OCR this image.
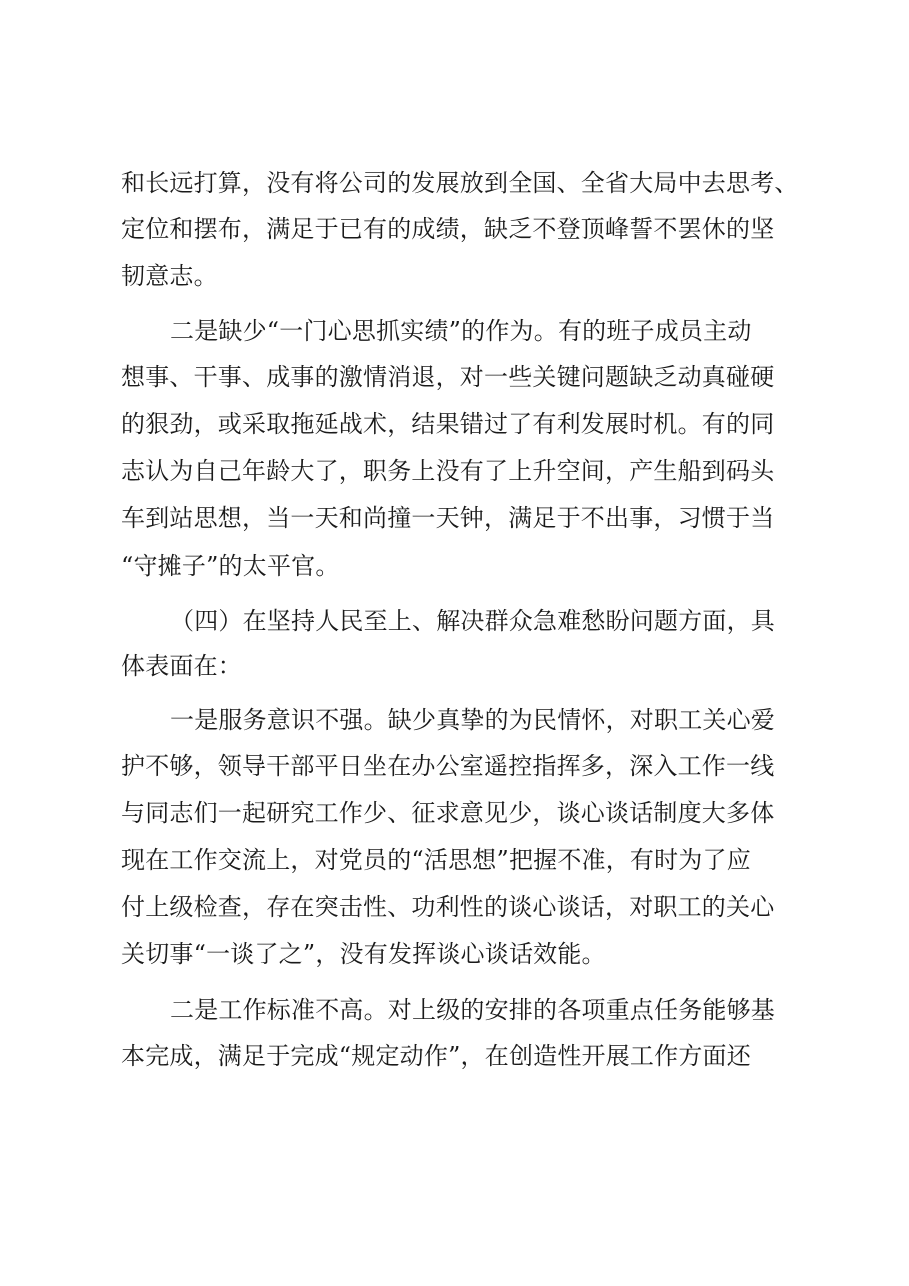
和长远打算，没有将公司的发展放到全国、全省大局中去思考、
定位和摆布，满足于已有的成绩，缺乏不登顶峰誓不罢休的坚
韧意志。
二是缺少“一门心思抓实绩”的作为。有的班子成员主动
想事、干事、成事的激情消退，对一些关键问题缺乏动真碰硬
的狠劲，或采取拖延战术，结果错过了有利发展时机。有的同
志认为自己年龄大了，职务上没有了上升空间，产生船到码头
车到站思想，当一天和尚撞一天钟，满足于不出事，习惯于当
“守摊子”的太平官。
（四）在坚持人民至上、解决群众急难愁盼问题方面，具
体表面在：
一是服务意识不强。缺少真挚的为民情怀，对职工关心爱
护不够，领导干部平日坐在办公室遥控指挥多，深入工作一线
与同志们一起研究工作少、征求意见少，谈心谈话制度大多体
现在工作交流上，对党员的“活思想”把握不准，有时为了应
付上级检查，存在突击性、功利性的谈心谈话，对职工的关心
关切事“一谈了之”，没有发挥谈心谈话效能。
二是工作标准不高。对上级的安排的各项重点任务能够基
本完成，满足于完成“规定动作”，在创造性开展工作方面还
